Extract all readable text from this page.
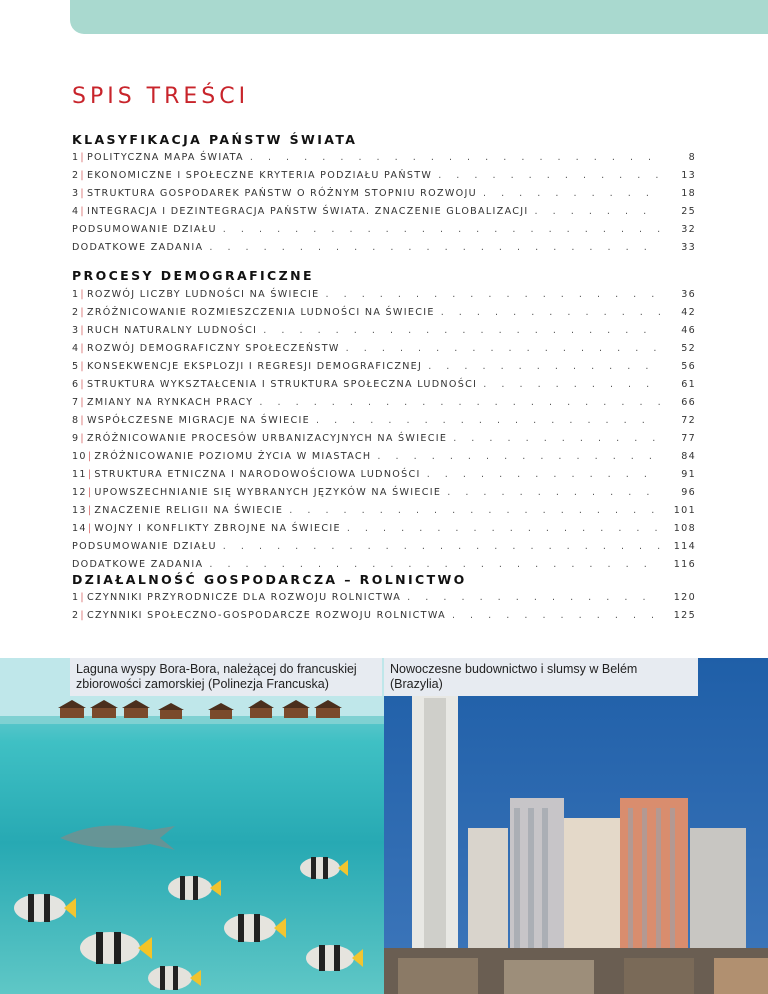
SPIS TREŚCI
KLASYFIKACJA PAŃSTW ŚWIATA
1 | POLITYCZNA MAPA ŚWIATA . . .	8
2 | EKONOMICZNE I SPOŁECZNE KRYTERIA PODZIAŁU PAŃSTW . . .	13
3 | STRUKTURA GOSPODAREK PAŃSTW O RÓŻNYM STOPNIU ROZWOJU . . .	18
4 | INTEGRACJA I DEZINTEGRACJA PAŃSTW ŚWIATA. ZNACZENIE GLOBALIZACJI . . .	25
PODSUMOWANIE DZIAŁU . . .	32
DODATKOWE ZADANIA . . .	33
PROCESY DEMOGRAFICZNE
1 | ROZWÓJ LICZBY LUDNOŚCI NA ŚWIECIE . . .	36
2 | ZRÓŻNICOWANIE ROZMIESZCZENIA LUDNOŚCI NA ŚWIECIE . . .	42
3 | RUCH NATURALNY LUDNOŚCI . . .	46
4 | ROZWÓJ DEMOGRAFICZNY SPOŁECZEŃSTW . . .	52
5 | KONSEKWENCJE EKSPLOZJI I REGRESJI DEMOGRAFICZNEJ . . .	56
6 | STRUKTURA WYKSZTAŁCENIA I STRUKTURA SPOŁECZNA LUDNOŚCI . . .	61
7 | ZMIANY NA RYNKACH PRACY . . .	66
8 | WSPÓŁCZESNE MIGRACJE NA ŚWIECIE . . .	72
9 | ZRÓŻNICOWANIE PROCESÓW URBANIZACYJNYCH NA ŚWIECIE . . .	77
10 | ZRÓŻNICOWANIE POZIOMU ŻYCIA W MIASTACH . . .	84
11 | STRUKTURA ETNICZNA I NARODOWOŚCIOWA LUDNOŚCI . . .	91
12 | UPOWSZECHNIANIE SIĘ WYBRANYCH JĘZYKÓW NA ŚWIECIE . . .	96
13 | ZNACZENIE RELIGII NA ŚWIECIE . . .	101
14 | WOJNY I KONFLIKTY ZBROJNE NA ŚWIECIE . . .	108
PODSUMOWANIE DZIAŁU . . .	114
DODATKOWE ZADANIA . . .	116
DZIAŁALNOŚĆ GOSPODARCZA – ROLNICTWO
1 | CZYNNIKI PRZYRODNICZE DLA ROZWOJU ROLNICTWA . . .	120
2 | CZYNNIKI SPOŁECZNO-GOSPODARCZE ROZWOJU ROLNICTWA . . .	125
Laguna wyspy Bora-Bora, należącej do francuskiej zbiorowości zamorskiej (Polinezja Francuska)
Nowoczesne budownictwo i slumsy w Belém (Brazylia)
